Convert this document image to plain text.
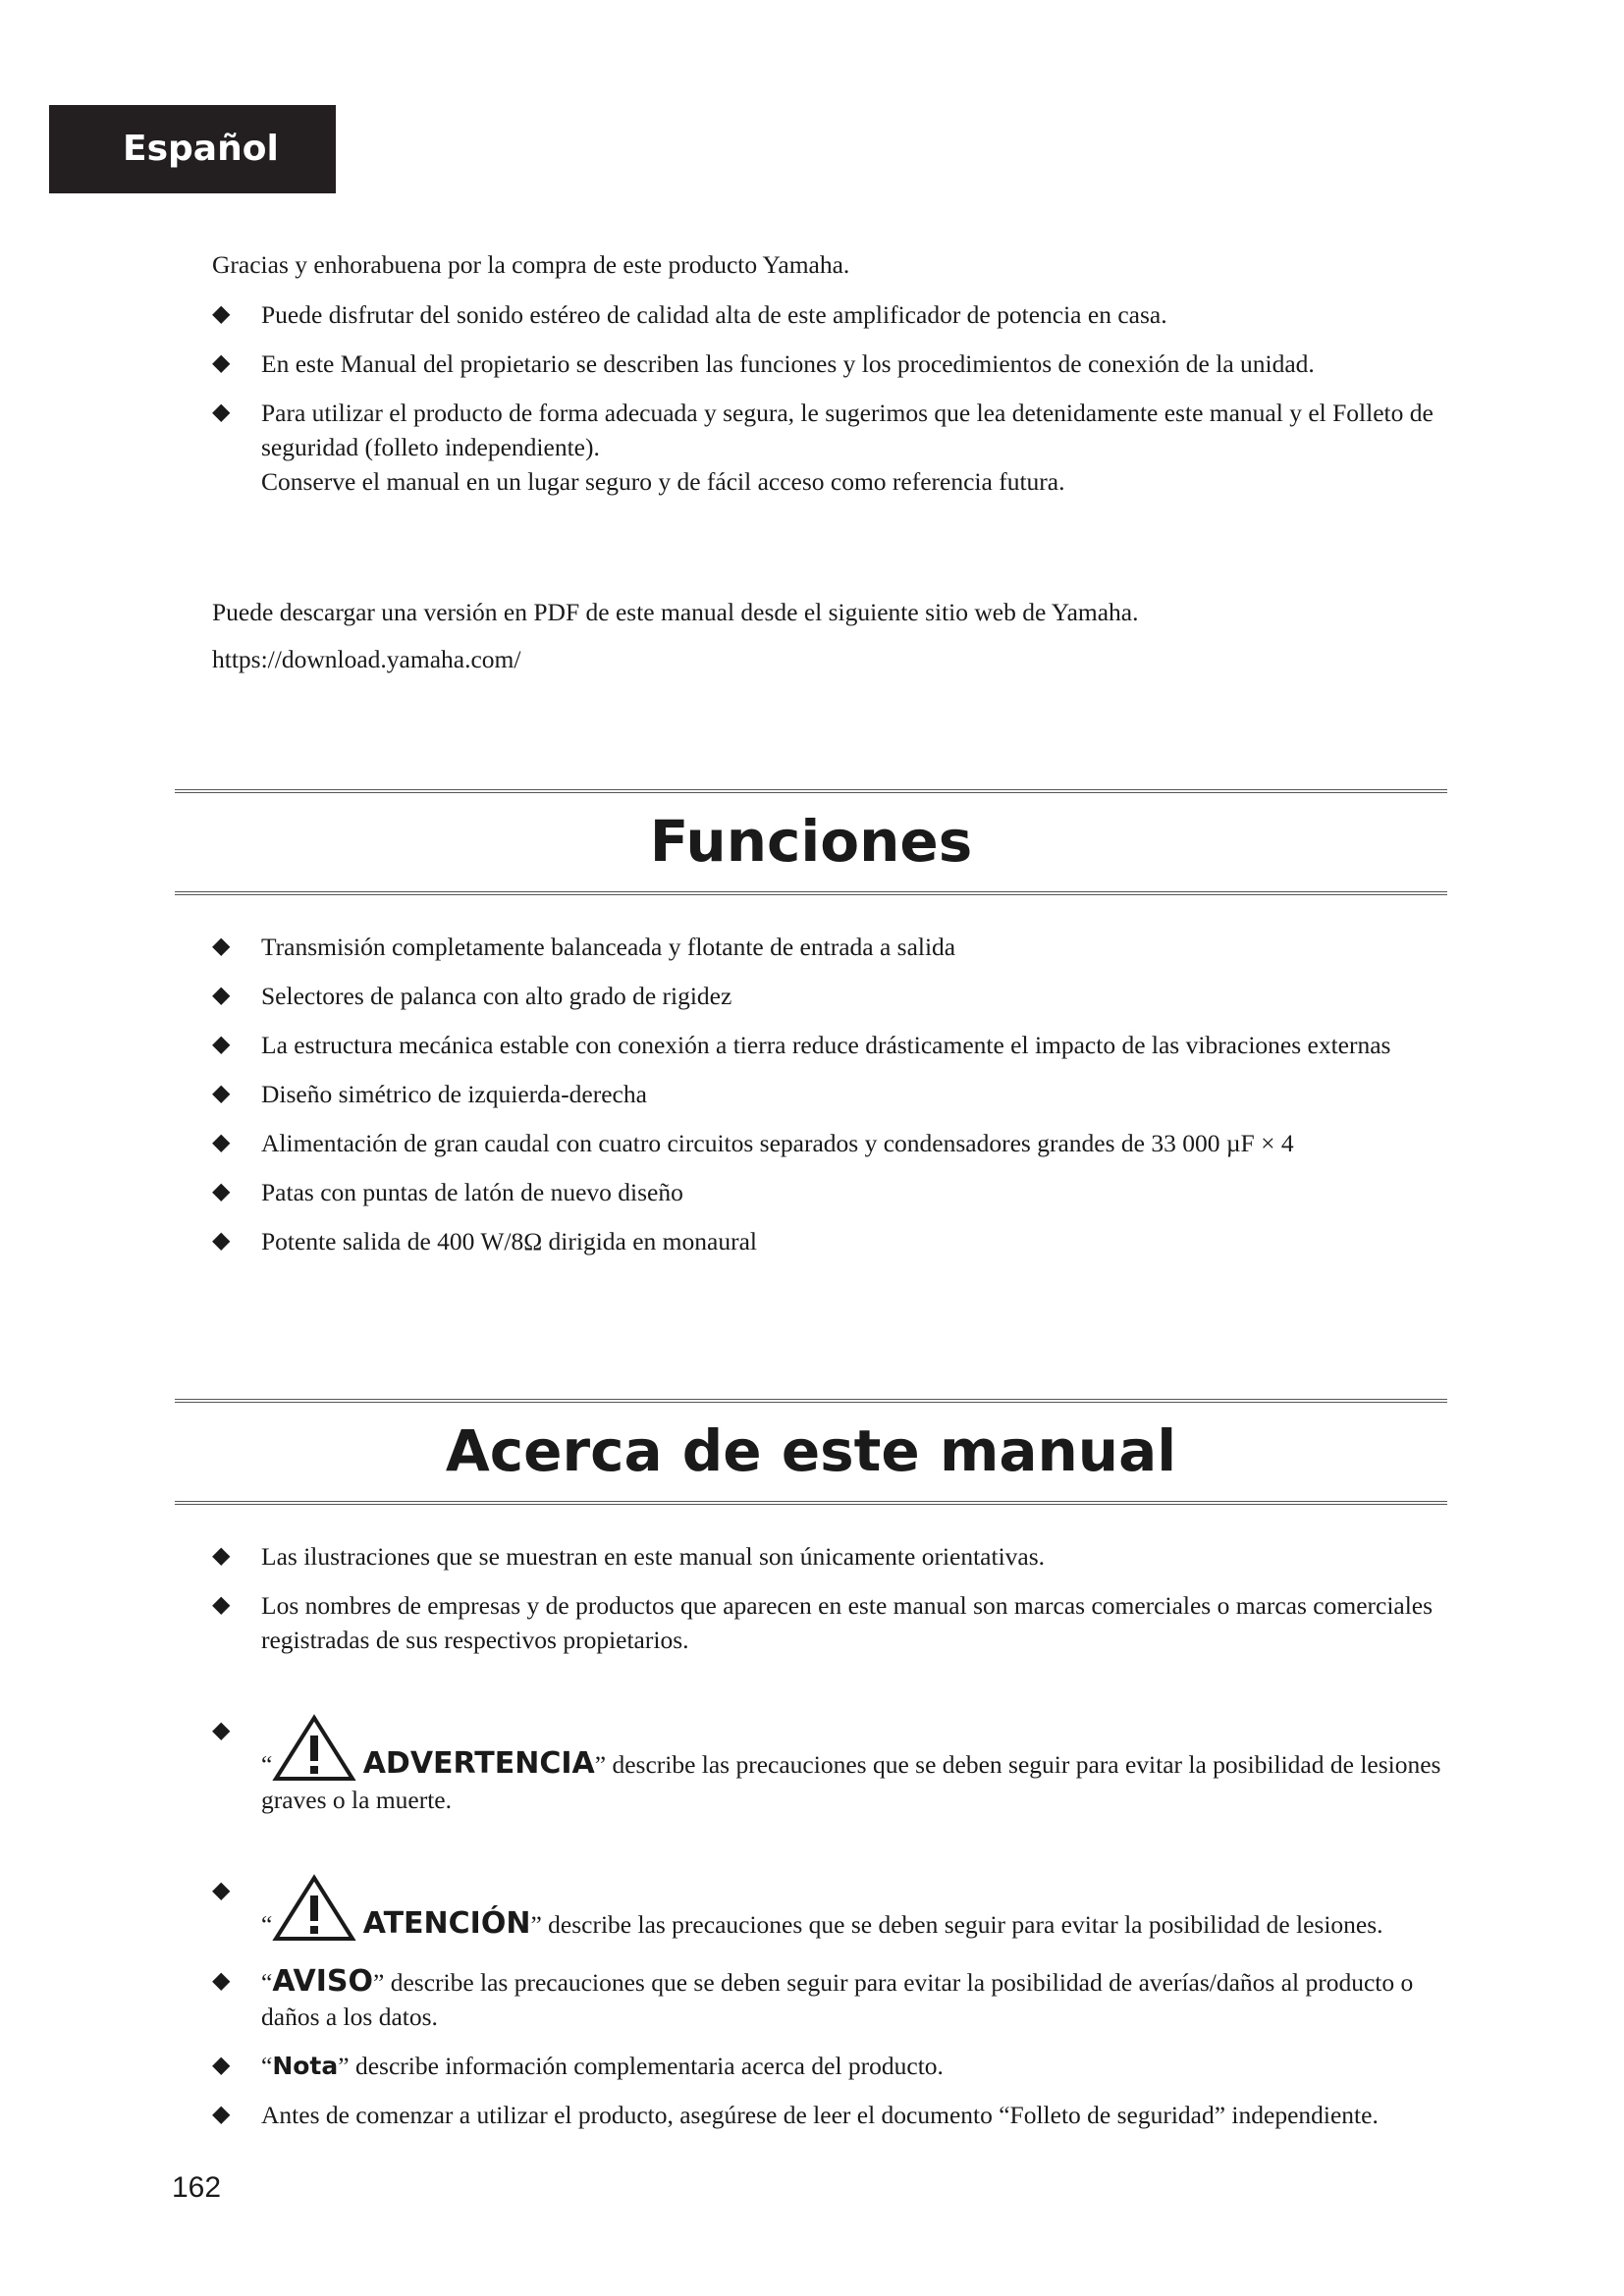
Español

Gracias y enhorabuena por la compra de este producto Yamaha.

◆ Puede disfrutar del sonido estéreo de calidad alta de este amplificador de potencia en casa.
◆ En este Manual del propietario se describen las funciones y los procedimientos de conexión de la unidad.
◆ Para utilizar el producto de forma adecuada y segura, le sugerimos que lea detenidamente este manual y el Folleto de seguridad (folleto independiente).
Conserve el manual en un lugar seguro y de fácil acceso como referencia futura.

Puede descargar una versión en PDF de este manual desde el siguiente sitio web de Yamaha.

https://download.yamaha.com/

Funciones
◆ Transmisión completamente balanceada y flotante de entrada a salida
◆ Selectores de palanca con alto grado de rigidez
◆ La estructura mecánica estable con conexión a tierra reduce drásticamente el impacto de las vibraciones externas
◆ Diseño simétrico de izquierda-derecha
◆ Alimentación de gran caudal con cuatro circuitos separados y condensadores grandes de 33 000 µF × 4
◆ Patas con puntas de latón de nuevo diseño
◆ Potente salida de 400 W/8Ω dirigida en monaural
Acerca de este manual
◆ Las ilustraciones que se muestran en este manual son únicamente orientativas.
◆ Los nombres de empresas y de productos que aparecen en este manual son marcas comerciales o marcas comerciales registradas de sus respectivos propietarios.
◆
“	ADVERTENCIA” describe las precauciones que se deben seguir para evitar la posibilidad de lesiones graves o la muerte.
◆
“	ATENCIÓN” describe las precauciones que se deben seguir para evitar la posibilidad de lesiones.
◆ “AVISO” describe las precauciones que se deben seguir para evitar la posibilidad de averías/daños al producto o daños a los datos.
◆ “Nota” describe información complementaria acerca del producto.
◆ Antes de comenzar a utilizar el producto, asegúrese de leer el documento “Folleto de seguridad” independiente.
162
